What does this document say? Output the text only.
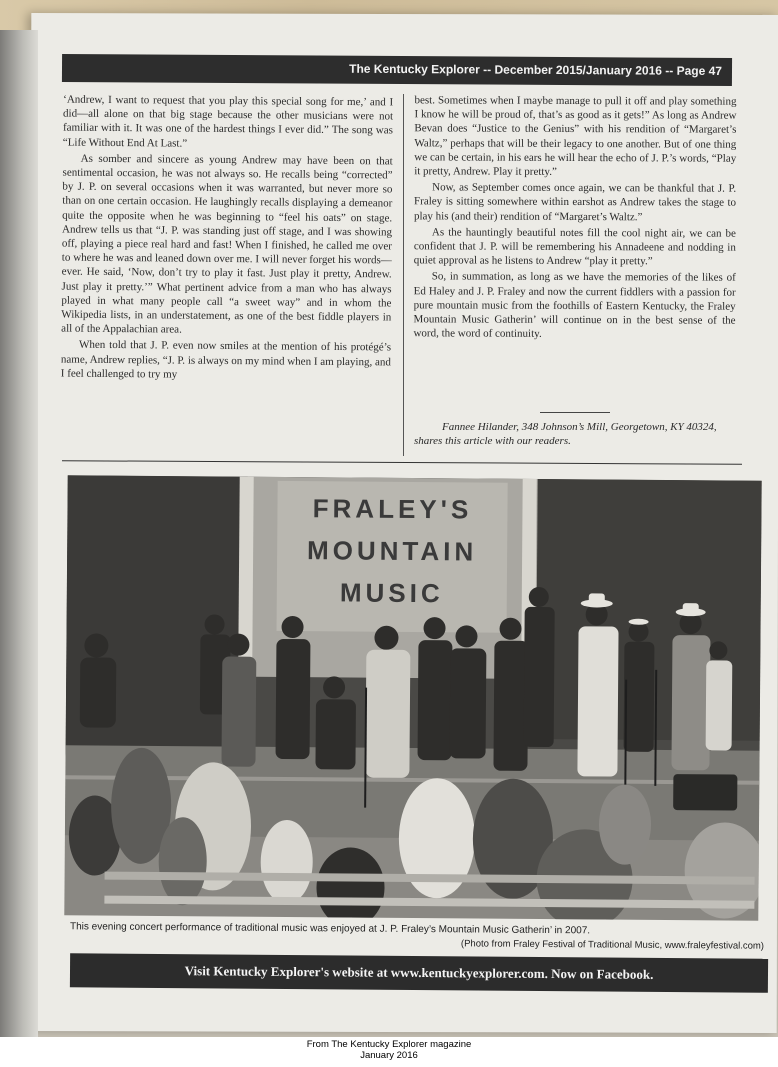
The Kentucky Explorer -- December 2015/January 2016 -- Page 47

‘Andrew, I want to request that you play this special song for me,’ and I did—all alone on that big stage because the other musicians were not familiar with it. It was one of the hardest things I ever did.” The song was “Life Without End At Last.”

As somber and sincere as young Andrew may have been on that sentimental occasion, he was not always so. He recalls being “corrected” by J. P. on several occasions when it was warranted, but never more so than on one certain occasion. He laughingly recalls displaying a demeanor quite the opposite when he was beginning to “feel his oats” on stage. Andrew tells us that “J. P. was standing just off stage, and I was showing off, playing a piece real hard and fast! When I finished, he called me over to where he was and leaned down over me. I will never forget his words—ever. He said, ‘Now, don’t try to play it fast. Just play it pretty, Andrew. Just play it pretty.’” What pertinent advice from a man who has always played in what many people call “a sweet way” and in whom the Wikipedia lists, in an understatement, as one of the best fiddle players in all of the Appalachian area.

When told that J. P. even now smiles at the mention of his protégé’s name, Andrew replies, “J. P. is always on my mind when I am playing, and I feel challenged to try my

best. Sometimes when I maybe manage to pull it off and play something I know he will be proud of, that’s as good as it gets!” As long as Andrew Bevan does “Justice to the Genius” with his rendition of “Margaret’s Waltz,” perhaps that will be their legacy to one another. But of one thing we can be certain, in his ears he will hear the echo of J. P.’s words, “Play it pretty, Andrew. Play it pretty.”

Now, as September comes once again, we can be thankful that J. P. Fraley is sitting somewhere within earshot as Andrew takes the stage to play his (and their) rendition of “Margaret’s Waltz.”

As the hauntingly beautiful notes fill the cool night air, we can be confident that J. P. will be remembering his Annadeene and nodding in quiet approval as he listens to Andrew “play it pretty.”

So, in summation, as long as we have the memories of the likes of Ed Haley and J. P. Fraley and now the current fiddlers with a passion for pure mountain music from the foothills of Eastern Kentucky, the Fraley Mountain Music Gatherin’ will continue on in the best sense of the word, the word of continuity.

Fannee Hilander, 348 Johnson’s Mill, Georgetown, KY 40324, shares this article with our readers.
FRALEY'S
MOUNTAIN
MUSIC
This evening concert performance of traditional music was enjoyed at J. P. Fraley’s Mountain Music Gatherin’ in 2007.
(Photo from Fraley Festival of Traditional Music, www.fraleyfestival.com)
Visit Kentucky Explorer's website at www.kentuckyexplorer.com. Now on Facebook.
From The Kentucky Explorer magazine
January 2016
